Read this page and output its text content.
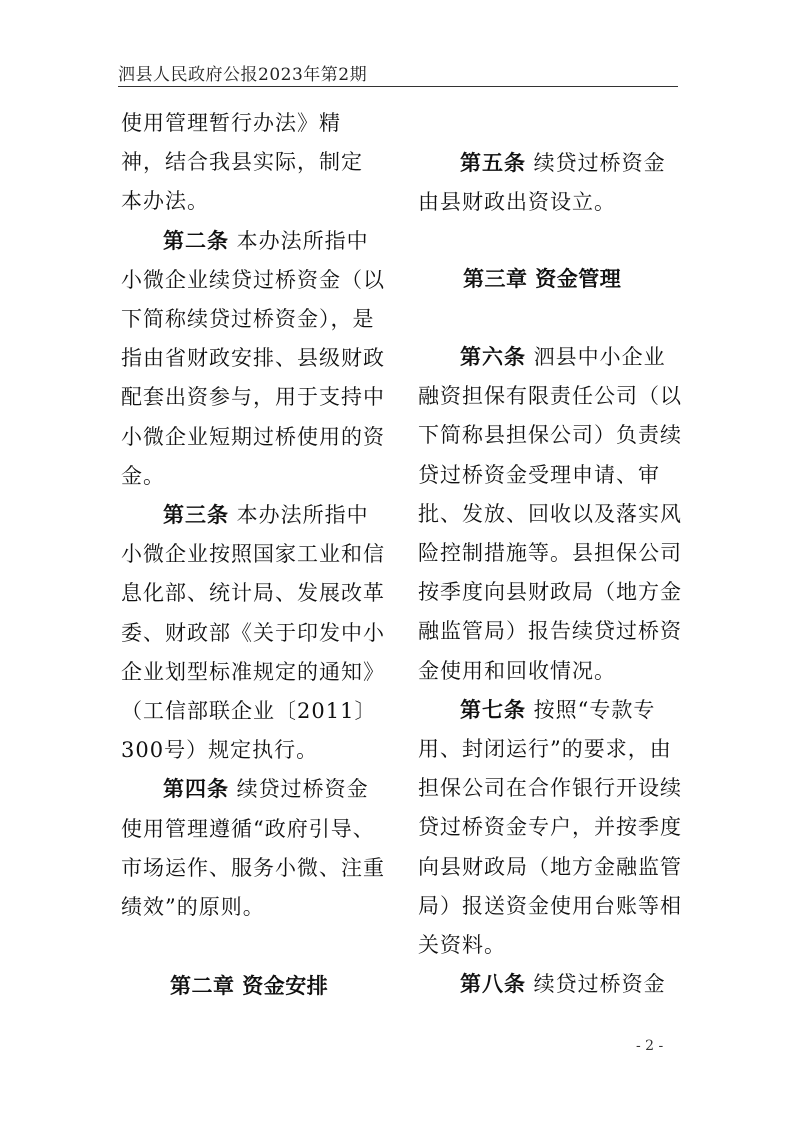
泗县人民政府公报2023年第2期
使用管理暂行办法》精
神，结合我县实际，制定
本办法。
第二条 本办法所指中
小微企业续贷过桥资金（以
下简称续贷过桥资金），是
指由省财政安排、县级财政
配套出资参与，用于支持中
小微企业短期过桥使用的资
金。
第三条 本办法所指中
小微企业按照国家工业和信
息化部、统计局、发展改革
委、财政部《关于印发中小
企业划型标准规定的通知》
（工信部联企业〔2011〕
300号）规定执行。
第四条 续贷过桥资金
使用管理遵循“政府引导、
市场运作、服务小微、注重
绩效”的原则。
第二章 资金安排
第五条 续贷过桥资金
由县财政出资设立。
第六条 泗县中小企业
融资担保有限责任公司（以
下简称县担保公司）负责续
贷过桥资金受理申请、审
批、发放、回收以及落实风
险控制措施等。县担保公司
按季度向县财政局（地方金
融监管局）报告续贷过桥资
金使用和回收情况。
第七条 按照“专款专
用、封闭运行”的要求，由
担保公司在合作银行开设续
贷过桥资金专户，并按季度
向县财政局（地方金融监管
局）报送资金使用台账等相
关资料。
第八条 续贷过桥资金
第三章 资金管理
- 2 -
